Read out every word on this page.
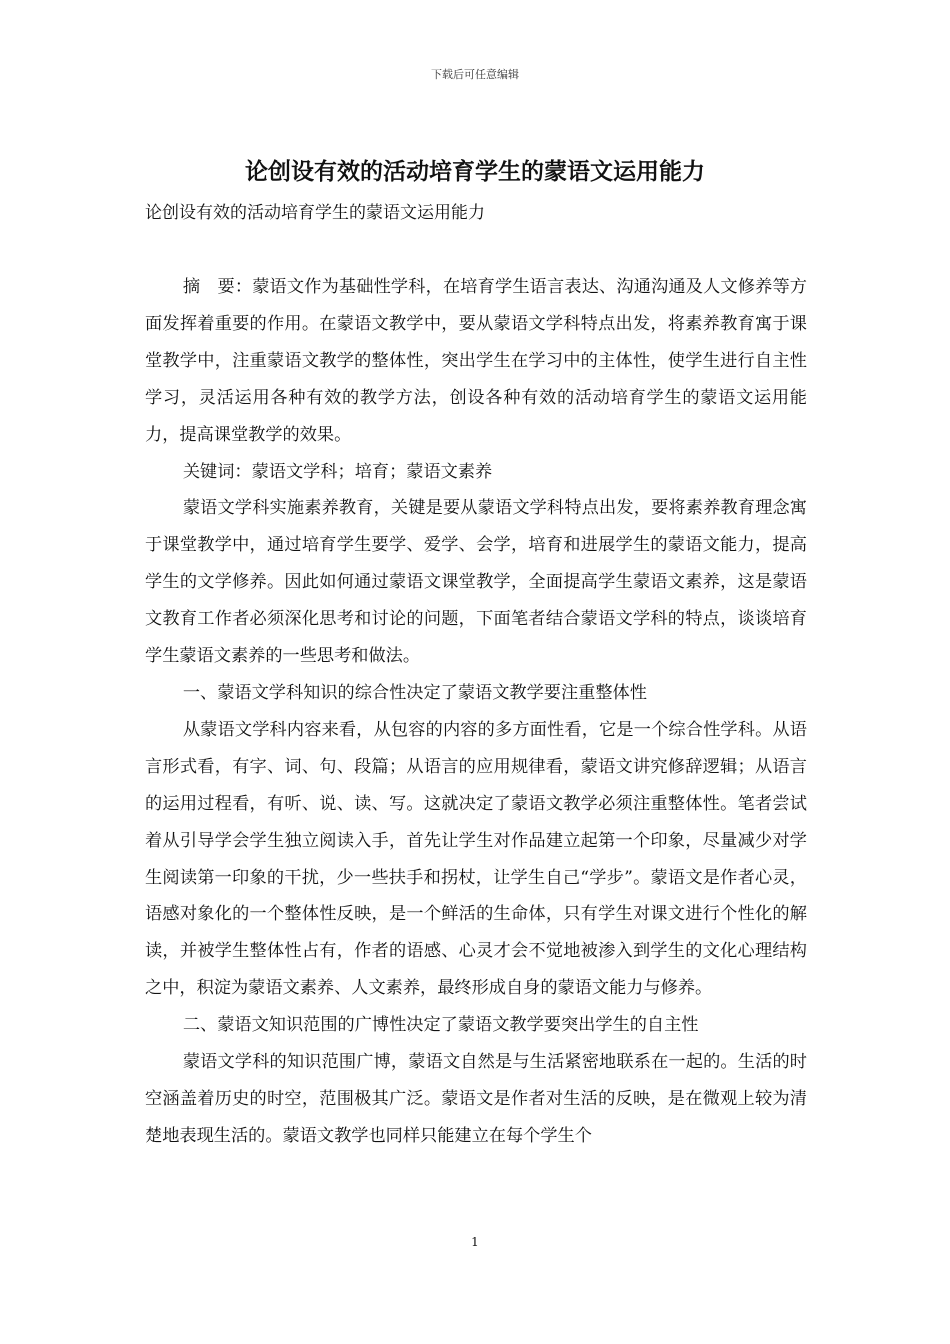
下载后可任意编辑
论创设有效的活动培育学生的蒙语文运用能力
论创设有效的活动培育学生的蒙语文运用能力

摘　要：蒙语文作为基础性学科，在培育学生语言表达、沟通沟通及人文修养等方面发挥着重要的作用。在蒙语文教学中，要从蒙语文学科特点出发，将素养教育寓于课堂教学中，注重蒙语文教学的整体性，突出学生在学习中的主体性，使学生进行自主性学习，灵活运用各种有效的教学方法，创设各种有效的活动培育学生的蒙语文运用能力，提高课堂教学的效果。

关键词：蒙语文学科；培育；蒙语文素养

蒙语文学科实施素养教育，关键是要从蒙语文学科特点出发，要将素养教育理念寓于课堂教学中，通过培育学生要学、爱学、会学，培育和进展学生的蒙语文能力，提高学生的文学修养。因此如何通过蒙语文课堂教学，全面提高学生蒙语文素养，这是蒙语文教育工作者必须深化思考和讨论的问题，下面笔者结合蒙语文学科的特点，谈谈培育学生蒙语文素养的一些思考和做法。

一、蒙语文学科知识的综合性决定了蒙语文教学要注重整体性

从蒙语文学科内容来看，从包容的内容的多方面性看，它是一个综合性学科。从语言形式看，有字、词、句、段篇；从语言的应用规律看，蒙语文讲究修辞逻辑；从语言的运用过程看，有听、说、读、写。这就决定了蒙语文教学必须注重整体性。笔者尝试着从引导学会学生独立阅读入手，首先让学生对作品建立起第一个印象，尽量减少对学生阅读第一印象的干扰，少一些扶手和拐杖，让学生自己“学步”。蒙语文是作者心灵，语感对象化的一个整体性反映，是一个鲜活的生命体，只有学生对课文进行个性化的解读，并被学生整体性占有，作者的语感、心灵才会不觉地被渗入到学生的文化心理结构之中，积淀为蒙语文素养、人文素养，最终形成自身的蒙语文能力与修养。

二、蒙语文知识范围的广博性决定了蒙语文教学要突出学生的自主性

蒙语文学科的知识范围广博，蒙语文自然是与生活紧密地联系在一起的。生活的时空涵盖着历史的时空，范围极其广泛。蒙语文是作者对生活的反映，是在微观上较为清楚地表现生活的。蒙语文教学也同样只能建立在每个学生个

1
